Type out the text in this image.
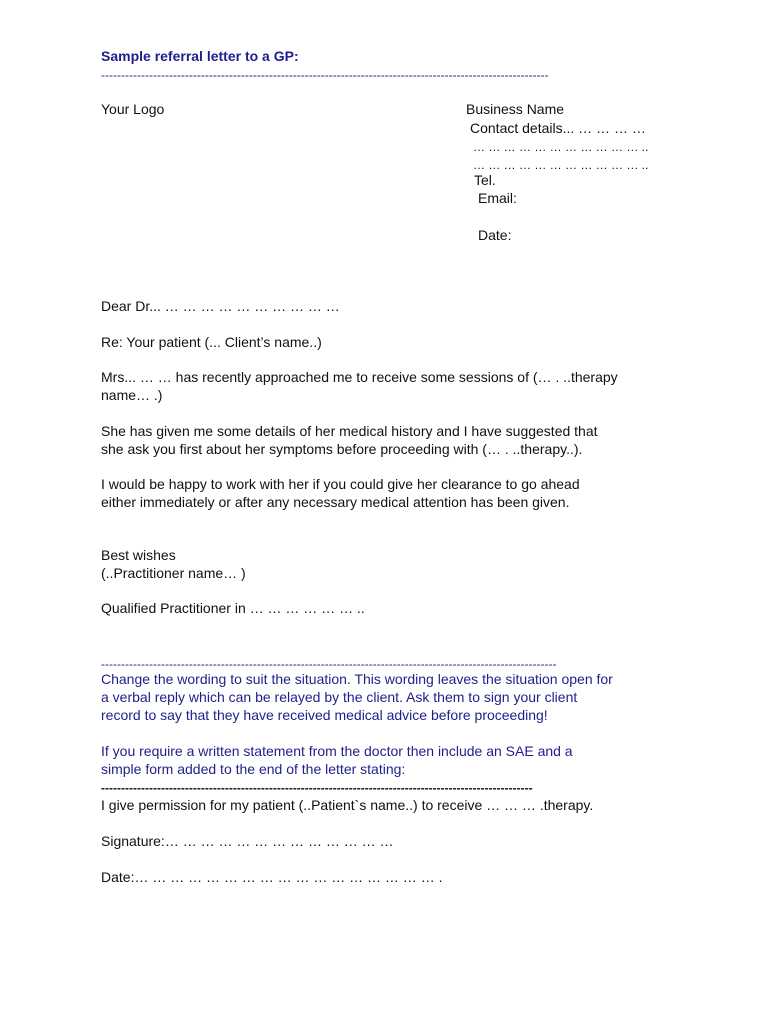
Sample referral letter to a GP:
----------------------------------------------------------------------------------------------------------------
Your Logo	Business Name
Contact details... … … … …
… … … … … … … … … … … ..
… … … … … … … … … … … ..
Tel.
Email:
Date:
Dear Dr... … … … … … … … … … …
Re: Your patient (... Client’s name..)
Mrs... … … has recently approached me to receive some sessions of (… . ..therapy
name… .)
She has given me some details of her medical history and I have suggested that
she ask you first about her symptoms before proceeding with (… . ..therapy..).
I would be happy to work with her if you could give her clearance to go ahead
either immediately or after any necessary medical attention has been given.
Best wishes
(..Practitioner name… )
Qualified Practitioner in … … … … … … ..
------------------------------------------------------------------------------------------------------------------
Change the wording to suit the situation. This wording leaves the situation open for
a verbal reply which can be relayed by the client. Ask them to sign your client
record to say that they have received medical advice before proceeding!
If you require a written statement from the doctor then include an SAE and a
simple form added to the end of the letter stating:
------------------------------------------------------------------------------------------------------------
I give permission for my patient (..Patient`s name..) to receive … … … .therapy.
Signature:… … … … … … … … … … … … …
Date:… … … … … … … … … … … … … … … … … .
